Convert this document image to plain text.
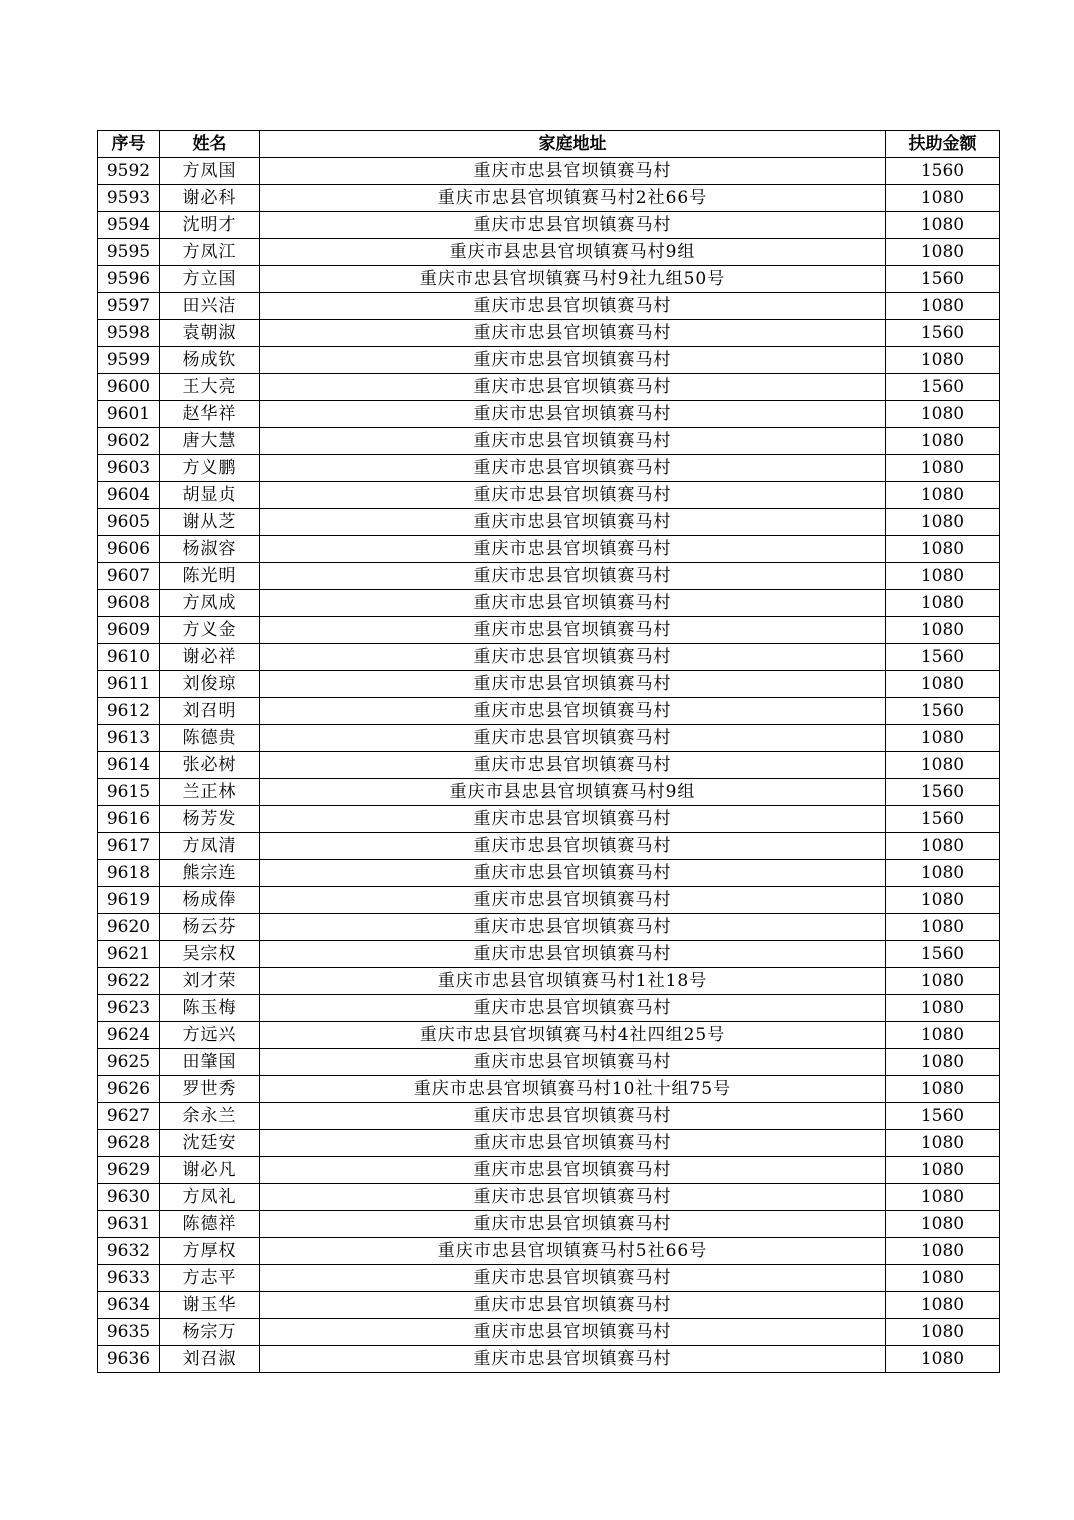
序号	姓名	家庭地址	扶助金额
9592	方凤国	重庆市忠县官坝镇赛马村	1560
9593	谢必科	重庆市忠县官坝镇赛马村2社66号	1080
9594	沈明才	重庆市忠县官坝镇赛马村	1080
9595	方凤江	重庆市县忠县官坝镇赛马村9组	1080
9596	方立国	重庆市忠县官坝镇赛马村9社九组50号	1560
9597	田兴洁	重庆市忠县官坝镇赛马村	1080
9598	袁朝淑	重庆市忠县官坝镇赛马村	1560
9599	杨成钦	重庆市忠县官坝镇赛马村	1080
9600	王大亮	重庆市忠县官坝镇赛马村	1560
9601	赵华祥	重庆市忠县官坝镇赛马村	1080
9602	唐大慧	重庆市忠县官坝镇赛马村	1080
9603	方义鹏	重庆市忠县官坝镇赛马村	1080
9604	胡显贞	重庆市忠县官坝镇赛马村	1080
9605	谢从芝	重庆市忠县官坝镇赛马村	1080
9606	杨淑容	重庆市忠县官坝镇赛马村	1080
9607	陈光明	重庆市忠县官坝镇赛马村	1080
9608	方凤成	重庆市忠县官坝镇赛马村	1080
9609	方义金	重庆市忠县官坝镇赛马村	1080
9610	谢必祥	重庆市忠县官坝镇赛马村	1560
9611	刘俊琼	重庆市忠县官坝镇赛马村	1080
9612	刘召明	重庆市忠县官坝镇赛马村	1560
9613	陈德贵	重庆市忠县官坝镇赛马村	1080
9614	张必树	重庆市忠县官坝镇赛马村	1080
9615	兰正林	重庆市县忠县官坝镇赛马村9组	1560
9616	杨芳发	重庆市忠县官坝镇赛马村	1560
9617	方凤清	重庆市忠县官坝镇赛马村	1080
9618	熊宗连	重庆市忠县官坝镇赛马村	1080
9619	杨成俸	重庆市忠县官坝镇赛马村	1080
9620	杨云芬	重庆市忠县官坝镇赛马村	1080
9621	吴宗权	重庆市忠县官坝镇赛马村	1560
9622	刘才荣	重庆市忠县官坝镇赛马村1社18号	1080
9623	陈玉梅	重庆市忠县官坝镇赛马村	1080
9624	方远兴	重庆市忠县官坝镇赛马村4社四组25号	1080
9625	田肇国	重庆市忠县官坝镇赛马村	1080
9626	罗世秀	重庆市忠县官坝镇赛马村10社十组75号	1080
9627	余永兰	重庆市忠县官坝镇赛马村	1560
9628	沈廷安	重庆市忠县官坝镇赛马村	1080
9629	谢必凡	重庆市忠县官坝镇赛马村	1080
9630	方凤礼	重庆市忠县官坝镇赛马村	1080
9631	陈德祥	重庆市忠县官坝镇赛马村	1080
9632	方厚权	重庆市忠县官坝镇赛马村5社66号	1080
9633	方志平	重庆市忠县官坝镇赛马村	1080
9634	谢玉华	重庆市忠县官坝镇赛马村	1080
9635	杨宗万	重庆市忠县官坝镇赛马村	1080
9636	刘召淑	重庆市忠县官坝镇赛马村	1080
